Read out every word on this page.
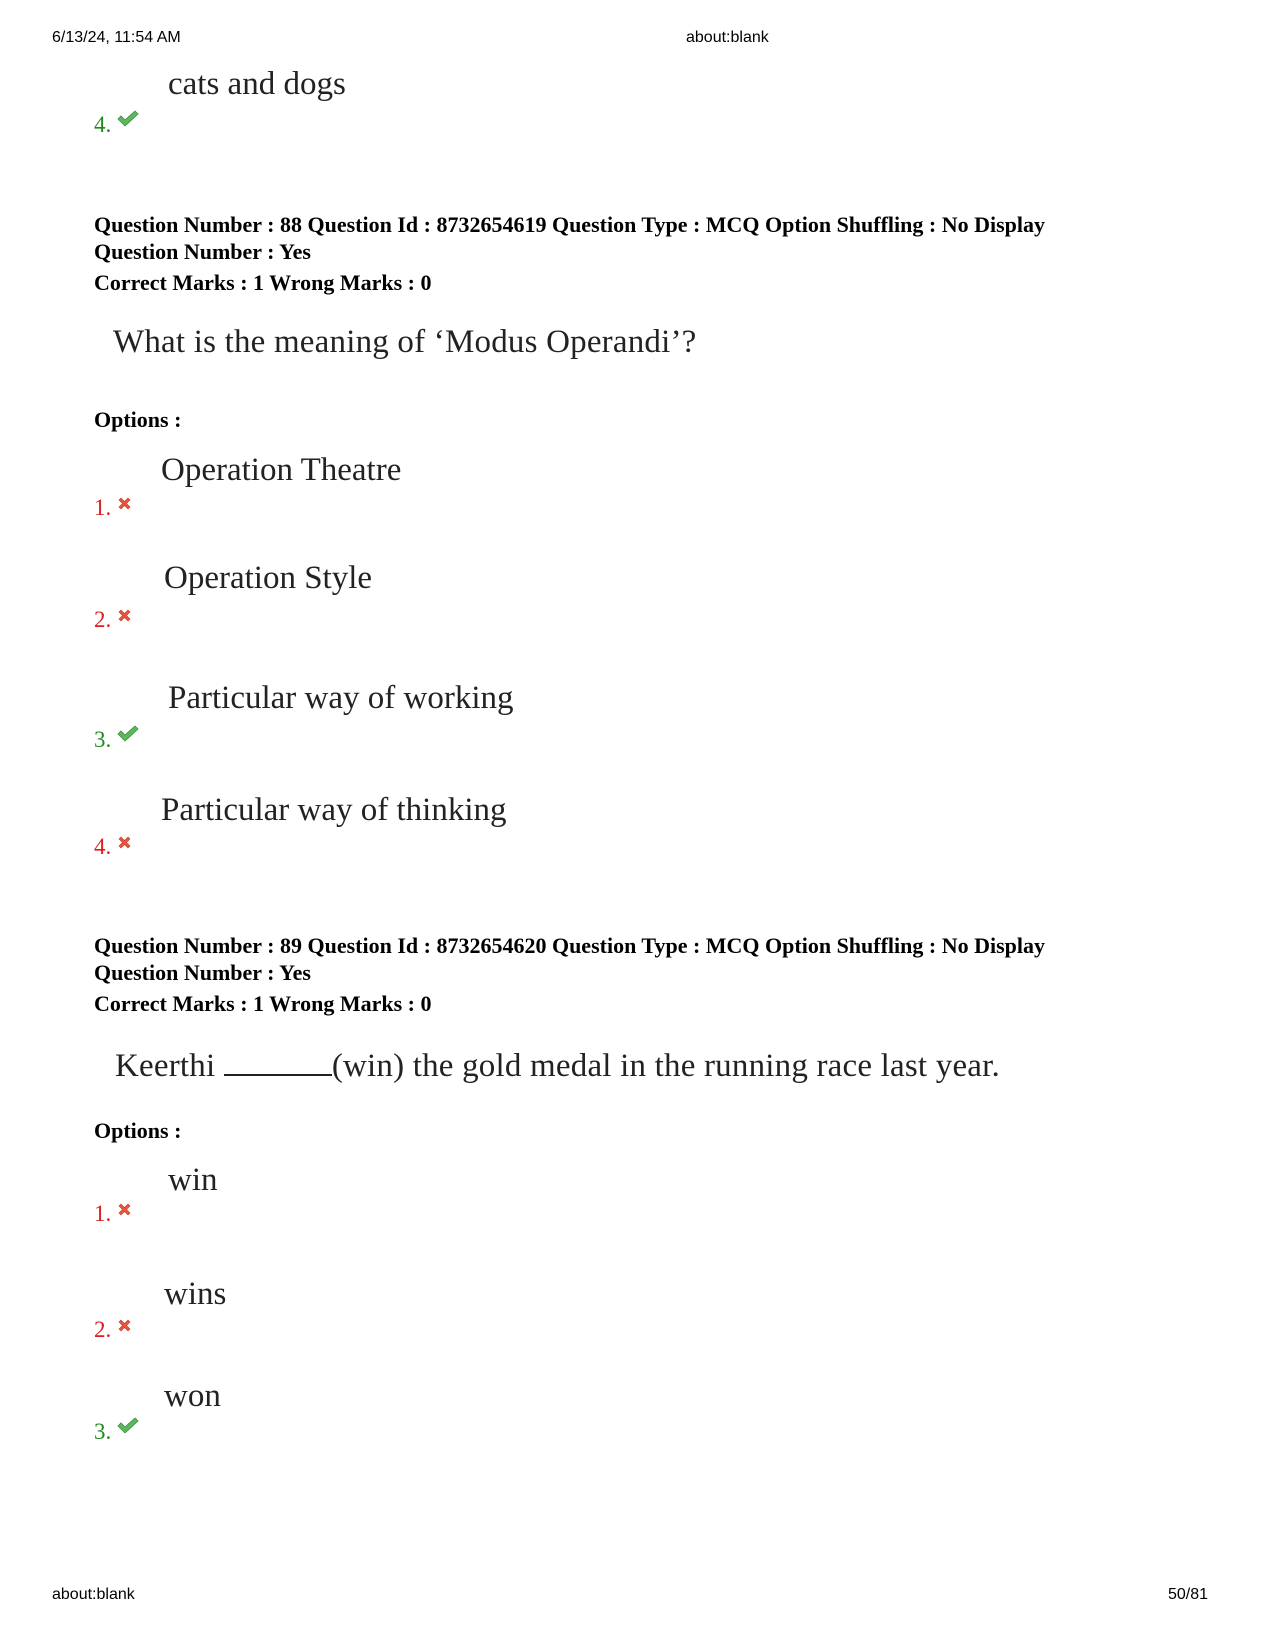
6/13/24, 11:54 AM	about:blank
cats and dogs
4.
Question Number : 88 Question Id : 8732654619 Question Type : MCQ Option Shuffling : No Display
Question Number : Yes
Correct Marks : 1 Wrong Marks : 0
What is the meaning of ‘Modus Operandi’?
Options :
Operation Theatre
1.
Operation Style
2.
Particular way of working
3.
Particular way of thinking
4.
Question Number : 89 Question Id : 8732654620 Question Type : MCQ Option Shuffling : No Display
Question Number : Yes
Correct Marks : 1 Wrong Marks : 0
Keerthi	(win) the gold medal in the running race last year.
Options :
win
1.
wins
2.
won
3.
about:blank	50/81
